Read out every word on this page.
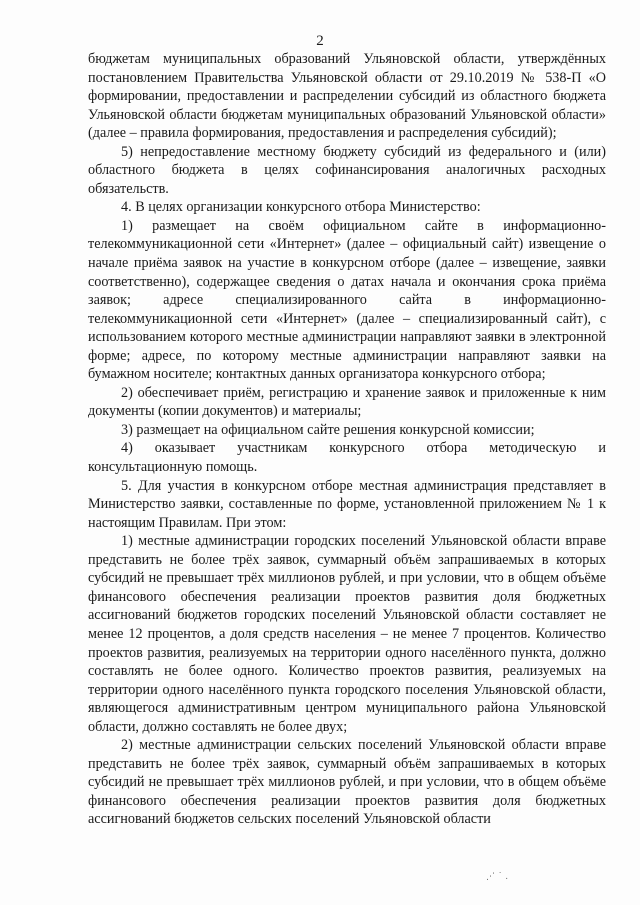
2

бюджетам муниципальных образований Ульяновской области, утверждённых постановлением Правительства Ульяновской области от 29.10.2019 № 538-П «О формировании, предоставлении и распределении субсидий из областного бюджета Ульяновской области бюджетам муниципальных образований Ульяновской области» (далее – правила формирования, предоставления и распределения субсидий);

5) непредоставление местному бюджету субсидий из федерального и (или) областного бюджета в целях софинансирования аналогичных расходных обязательств.

4. В целях организации конкурсного отбора Министерство:

1) размещает на своём официальном сайте в информационно-телекоммуникационной сети «Интернет» (далее – официальный сайт) извещение о начале приёма заявок на участие в конкурсном отборе (далее – извещение, заявки соответственно), содержащее сведения о датах начала и окончания срока приёма заявок; адресе специализированного сайта в информационно-телекоммуникационной сети «Интернет» (далее – специализированный сайт), с использованием которого местные администрации направляют заявки в электронной форме; адресе, по которому местные администрации направляют заявки на бумажном носителе; контактных данных организатора конкурсного отбора;

2) обеспечивает приём, регистрацию и хранение заявок и приложенные к ним документы (копии документов) и материалы;

3) размещает на официальном сайте решения конкурсной комиссии;

4) оказывает участникам конкурсного отбора методическую и консультационную помощь.

5. Для участия в конкурсном отборе местная администрация представляет в Министерство заявки, составленные по форме, установленной приложением № 1 к настоящим Правилам. При этом:

1) местные администрации городских поселений Ульяновской области вправе представить не более трёх заявок, суммарный объём запрашиваемых в которых субсидий не превышает трёх миллионов рублей, и при условии, что в общем объёме финансового обеспечения реализации проектов развития доля бюджетных ассигнований бюджетов городских поселений Ульяновской области составляет не менее 12 процентов, а доля средств населения – не менее 7 процентов. Количество проектов развития, реализуемых на территории одного населённого пункта, должно составлять не более одного. Количество проектов развития, реализуемых на территории одного населённого пункта городского поселения Ульяновской области, являющегося административным центром муниципального района Ульяновской области, должно составлять не более двух;

2) местные администрации сельских поселений Ульяновской области вправе представить не более трёх заявок, суммарный объём запрашиваемых в которых субсидий не превышает трёх миллионов рублей, и при условии, что в общем объёме финансового обеспечения реализации проектов развития доля бюджетных ассигнований бюджетов сельских поселений Ульяновской области

⋰ ˙ .
